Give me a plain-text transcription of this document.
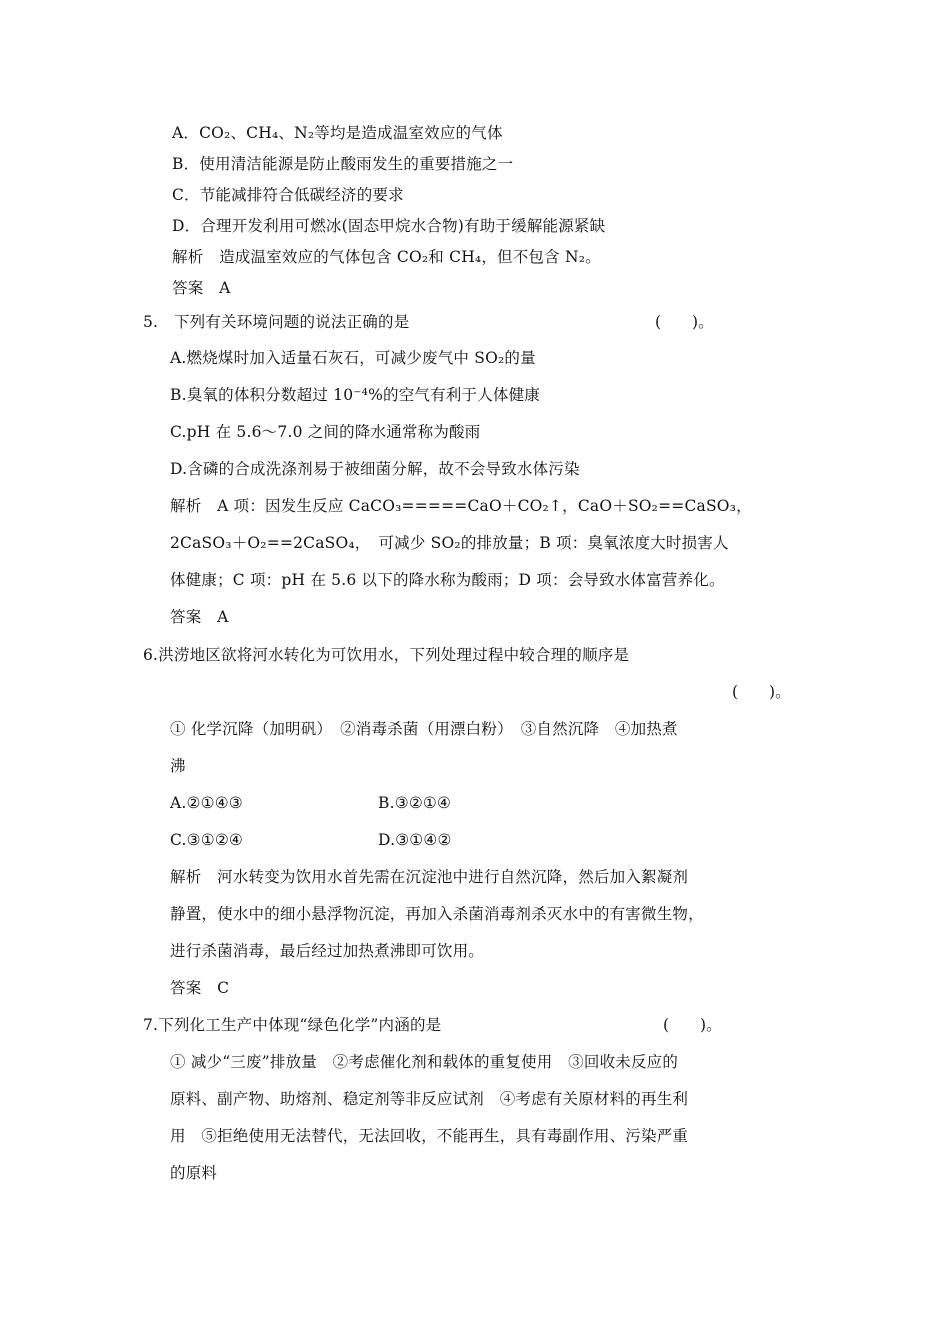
A．CO₂、CH₄、N₂等均是造成温室效应的气体
B．使用清洁能源是防止酸雨发生的重要措施之一
C．节能减排符合低碳经济的要求
D．合理开发利用可燃冰(固态甲烷水合物)有助于缓解能源紧缺
解析　造成温室效应的气体包含 CO₂和 CH₄，但不包含 N₂。
答案　A
5.　下列有关环境问题的说法正确的是	(　　)。
A.燃烧煤时加入适量石灰石，可减少废气中 SO₂的量
B.臭氧的体积分数超过 10⁻⁴%的空气有利于人体健康
C.pH 在 5.6～7.0 之间的降水通常称为酸雨
D.含磷的合成洗涤剂易于被细菌分解，故不会导致水体污染
解析　A 项：因发生反应 CaCO₃=====CaO＋CO₂↑，CaO＋SO₂==CaSO₃，
2CaSO₃＋O₂==2CaSO₄，　可减少 SO₂的排放量；B 项：臭氧浓度大时损害人
体健康；C 项：pH 在 5.6 以下的降水称为酸雨；D 项：会导致水体富营养化。
答案　A
6.洪涝地区欲将河水转化为可饮用水，下列处理过程中较合理的顺序是
(　　)。
① 化学沉降（加明矾）　②消毒杀菌（用漂白粉）　③自然沉降　④加热煮
沸
A.②①④③	B.③②①④
C.③①②④	D.③①④②
解析　河水转变为饮用水首先需在沉淀池中进行自然沉降，然后加入絮凝剂
静置，使水中的细小悬浮物沉淀，再加入杀菌消毒剂杀灭水中的有害微生物，
进行杀菌消毒，最后经过加热煮沸即可饮用。
答案　C
7.下列化工生产中体现“绿色化学”内涵的是	(　　)。
① 减少“三废”排放量　②考虑催化剂和载体的重复使用　③回收未反应的
原料、副产物、助熔剂、稳定剂等非反应试剂　④考虑有关原材料的再生利
用　⑤拒绝使用无法替代，无法回收，不能再生，具有毒副作用、污染严重
的原料
